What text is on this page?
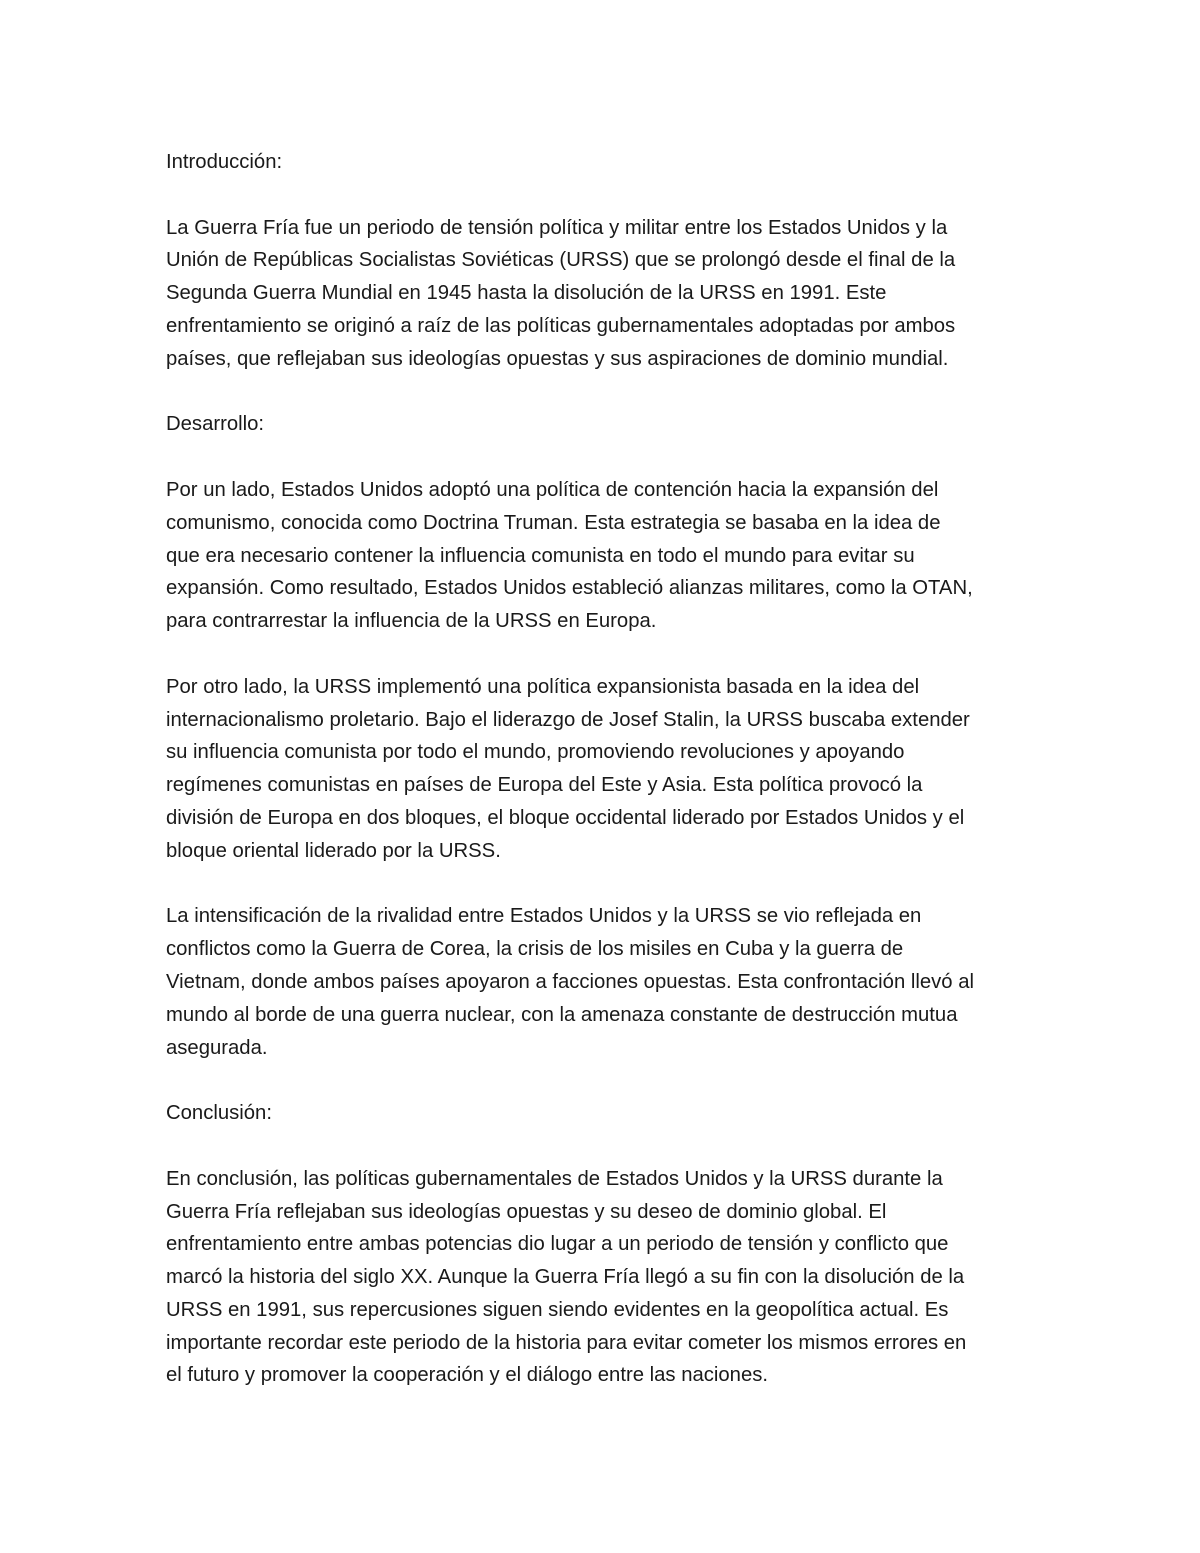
Introducción:
La Guerra Fría fue un periodo de tensión política y militar entre los Estados Unidos y la
Unión de Repúblicas Socialistas Soviéticas (URSS) que se prolongó desde el final de la
Segunda Guerra Mundial en 1945 hasta la disolución de la URSS en 1991. Este
enfrentamiento se originó a raíz de las políticas gubernamentales adoptadas por ambos
países, que reflejaban sus ideologías opuestas y sus aspiraciones de dominio mundial.
Desarrollo:
Por un lado, Estados Unidos adoptó una política de contención hacia la expansión del
comunismo, conocida como Doctrina Truman. Esta estrategia se basaba en la idea de
que era necesario contener la influencia comunista en todo el mundo para evitar su
expansión. Como resultado, Estados Unidos estableció alianzas militares, como la OTAN,
para contrarrestar la influencia de la URSS en Europa.
Por otro lado, la URSS implementó una política expansionista basada en la idea del
internacionalismo proletario. Bajo el liderazgo de Josef Stalin, la URSS buscaba extender
su influencia comunista por todo el mundo, promoviendo revoluciones y apoyando
regímenes comunistas en países de Europa del Este y Asia. Esta política provocó la
división de Europa en dos bloques, el bloque occidental liderado por Estados Unidos y el
bloque oriental liderado por la URSS.
La intensificación de la rivalidad entre Estados Unidos y la URSS se vio reflejada en
conflictos como la Guerra de Corea, la crisis de los misiles en Cuba y la guerra de
Vietnam, donde ambos países apoyaron a facciones opuestas. Esta confrontación llevó al
mundo al borde de una guerra nuclear, con la amenaza constante de destrucción mutua
asegurada.
Conclusión:
En conclusión, las políticas gubernamentales de Estados Unidos y la URSS durante la
Guerra Fría reflejaban sus ideologías opuestas y su deseo de dominio global. El
enfrentamiento entre ambas potencias dio lugar a un periodo de tensión y conflicto que
marcó la historia del siglo XX. Aunque la Guerra Fría llegó a su fin con la disolución de la
URSS en 1991, sus repercusiones siguen siendo evidentes en la geopolítica actual. Es
importante recordar este periodo de la historia para evitar cometer los mismos errores en
el futuro y promover la cooperación y el diálogo entre las naciones.
